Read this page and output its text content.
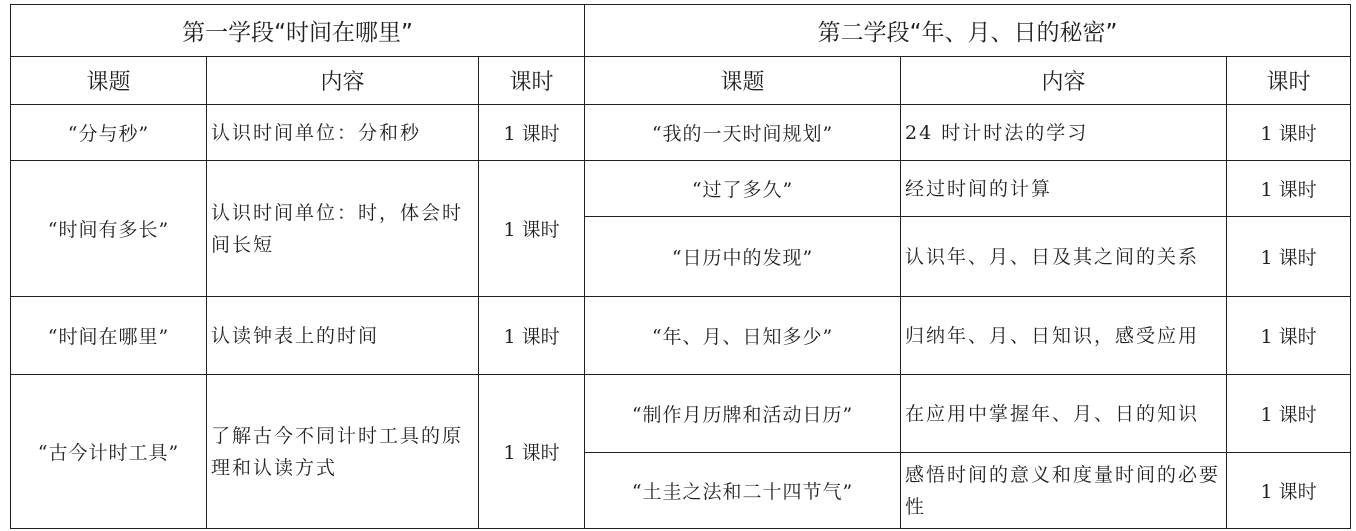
第一学段“时间在哪里”			第二学段“年、月、日的秘密”		
课题	内容	课时	课题	内容	课时
“分与秒”	认识时间单位：分和秒	1 课时	“我的一天时间规划”	24 时计时法的学习	1 课时
“时间有多长”	认识时间单位：时，体会时间长短	1 课时	“过了多久”	经过时间的计算	1 课时
			“日历中的发现”	认识年、月、日及其之间的关系	1 课时
“时间在哪里”	认读钟表上的时间	1 课时	“年、月、日知多少”	归纳年、月、日知识，感受应用	1 课时
“古今计时工具”	了解古今不同计时工具的原理和认读方式	1 课时	“制作月历牌和活动日历”	在应用中掌握年、月、日的知识	1 课时
			“土圭之法和二十四节气”	感悟时间的意义和度量时间的必要性	1 课时
